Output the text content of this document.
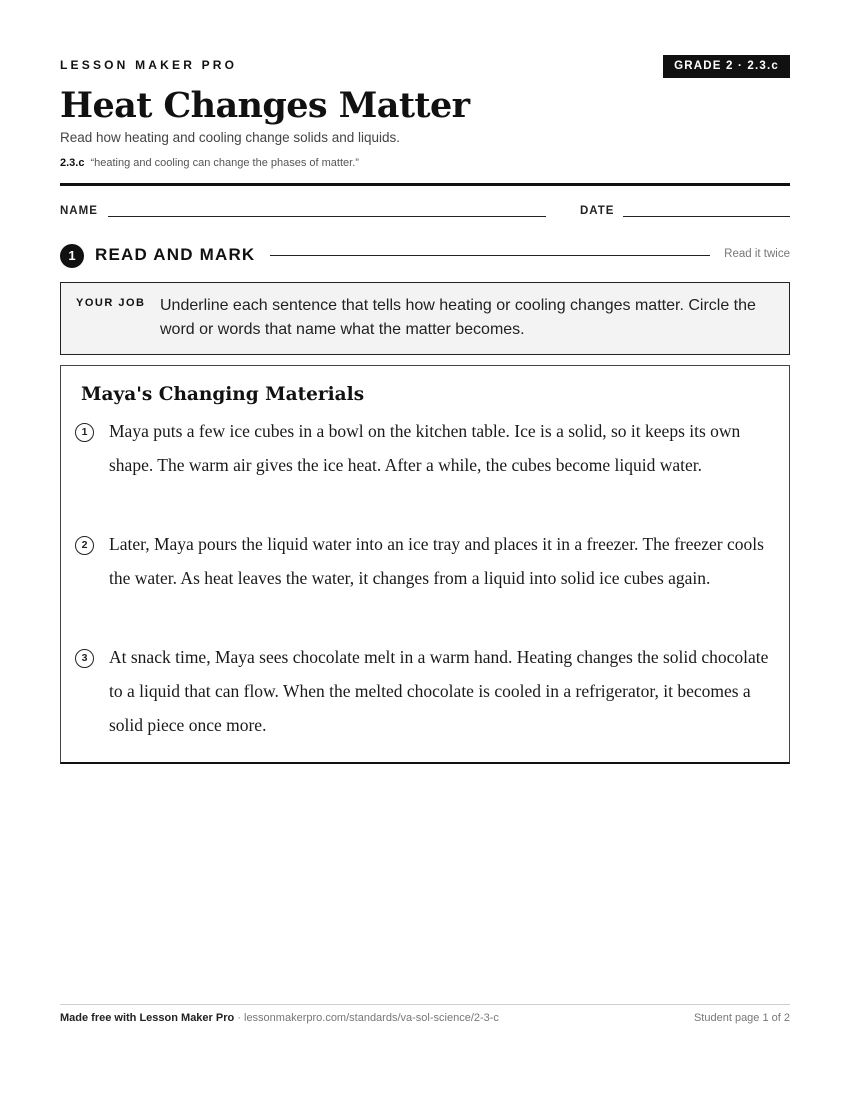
LESSON MAKER PRO	GRADE 2 · 2.3.c
Heat Changes Matter
Read how heating and cooling change solids and liquids.
2.3.c “heating and cooling can change the phases of matter.”
NAME	DATE
1	READ AND MARK	Read it twice
YOUR JOB Underline each sentence that tells how heating or cooling changes matter. Circle the word or words that name what the matter becomes.
Maya's Changing Materials
1	Maya puts a few ice cubes in a bowl on the kitchen table. Ice is a solid, so it keeps its own shape. The warm air gives the ice heat. After a while, the cubes become liquid water.
2	Later, Maya pours the liquid water into an ice tray and places it in a freezer. The freezer cools the water. As heat leaves the water, it changes from a liquid into solid ice cubes again.
3	At snack time, Maya sees chocolate melt in a warm hand. Heating changes the solid chocolate to a liquid that can flow. When the melted chocolate is cooled in a refrigerator, it becomes a solid piece once more.
Made free with Lesson Maker Pro · lessonmakerpro.com/standards/va-sol-science/2-3-c	Student page 1 of 2
